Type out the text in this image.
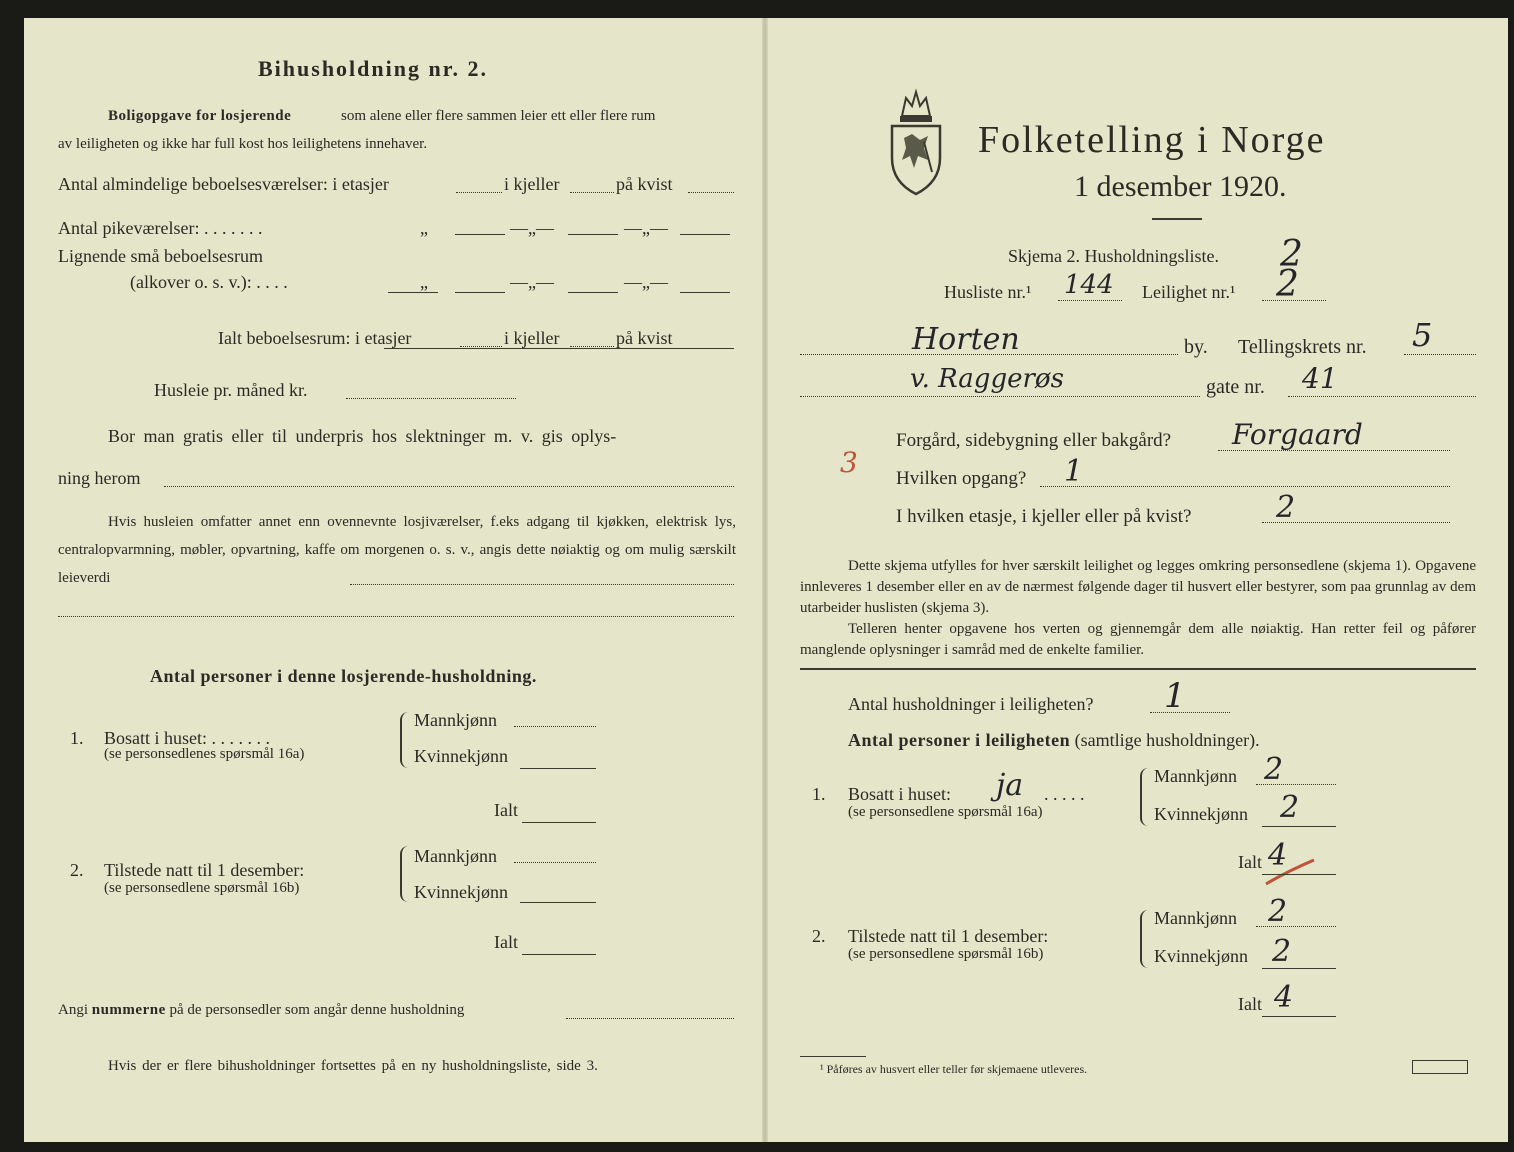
Bihusholdning nr. 2.
Boligopgave for losjerende	som alene eller flere sammen leier ett eller flere rum
av leiligheten og ikke har full kost hos leilighetens innehaver.
Antal almindelige beboelsesværelser: i etasjer	i kjeller	på kvist
Antal pikeværelser: . . . . . . .	„	—„—	—„—
Lignende små beboelsesrum
(alkover o. s. v.): . . . .	„	—„—	—„—
Ialt beboelsesrum: i etasjer	i kjeller	på kvist
Husleie pr. måned kr.
Bor man gratis eller til underpris hos slektninger m. v. gis oplys-
ning herom
Hvis husleien omfatter annet enn ovennevnte losjiværelser, f.eks adgang til kjøkken, elektrisk lys, centralopvarmning, møbler, opvartning, kaffe om morgenen o. s. v., angis dette nøiaktig og om mulig særskilt leieverdi
Antal personer i denne losjerende-husholdning.
1. Bosatt i huset: . . . . . . .
(se personsedlenes spørsmål 16a)
Mannkjønn
Kvinnekjønn
Ialt
2. Tilstede natt til 1 desember:
(se personsedlene spørsmål 16b)
Mannkjønn
Kvinnekjønn
Ialt
Angi nummerne på de personsedler som angår denne husholdning
Hvis der er flere bihusholdninger fortsettes på en ny husholdningsliste, side 3.
Folketelling i Norge
1 desember 1920.
Skjema 2. Husholdningsliste. 2
Husliste nr.¹ 144 Leilighet nr.¹ 2
Horten	by. Tellingskrets nr. 5
v. Raggerøs	gate nr. 41
3
Forgård, sidebygning eller bakgård? Forgaard
Hvilken opgang? 1
I hvilken etasje, i kjeller eller på kvist?	2
Dette skjema utfylles for hver særskilt leilighet og legges omkring personsedlene (skjema 1). Opgavene innleveres 1 desember eller en av de nærmest følgende dager til husvert eller bestyrer, som paa grunnlag av dem utarbeider huslisten (skjema 3).
Telleren henter opgavene hos verten og gjennemgår dem alle nøiaktig. Han retter feil og påfører manglende oplysninger i samråd med de enkelte familier.
Antal husholdninger i leiligheten? 1
Antal personer i leiligheten (samtlige husholdninger).
1. Bosatt i huset: ja . . . . .
(se personsedlene spørsmål 16a)
Mannkjønn 2
Kvinnekjønn 2
Ialt 4
2. Tilstede natt til 1 desember:
(se personsedlene spørsmål 16b)
Mannkjønn 2
Kvinnekjønn 2
Ialt 4
¹ Påføres av husvert eller teller før skjemaene utleveres.
